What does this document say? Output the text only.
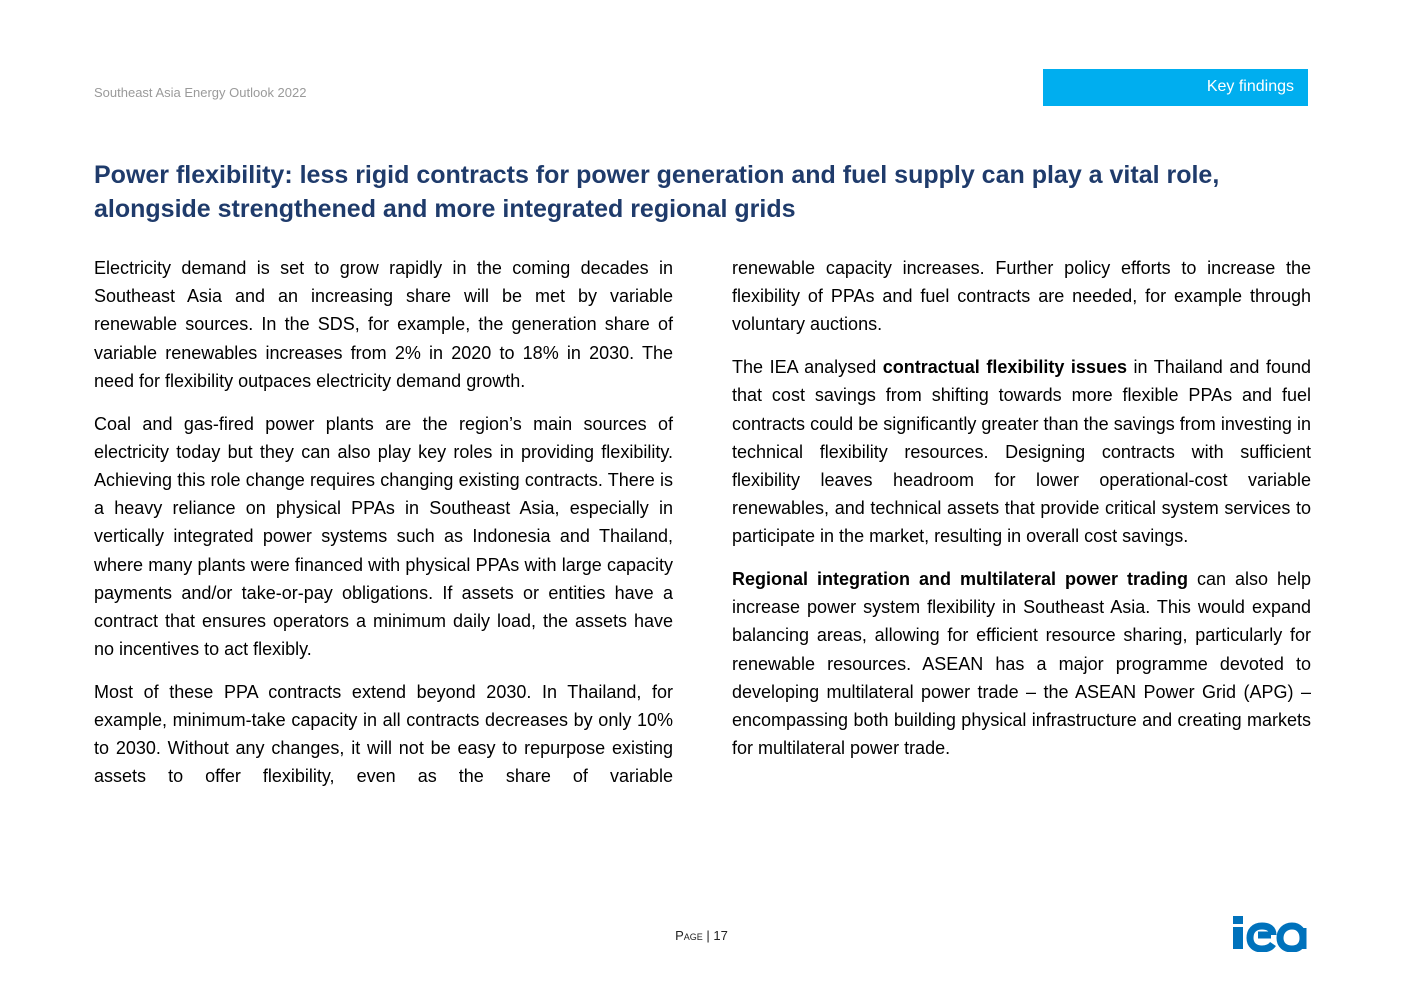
Southeast Asia Energy Outlook 2022	Key findings
Power flexibility: less rigid contracts for power generation and fuel supply can play a vital role, alongside strengthened and more integrated regional grids

Electricity demand is set to grow rapidly in the coming decades in Southeast Asia and an increasing share will be met by variable renewable sources. In the SDS, for example, the generation share of variable renewables increases from 2% in 2020 to 18% in 2030. The need for flexibility outpaces electricity demand growth.

Coal and gas-fired power plants are the region’s main sources of electricity today but they can also play key roles in providing flexibility. Achieving this role change requires changing existing contracts. There is a heavy reliance on physical PPAs in Southeast Asia, especially in vertically integrated power systems such as Indonesia and Thailand, where many plants were financed with physical PPAs with large capacity payments and/or take-or-pay obligations. If assets or entities have a contract that ensures operators a minimum daily load, the assets have no incentives to act flexibly.

Most of these PPA contracts extend beyond 2030. In Thailand, for example, minimum-take capacity in all contracts decreases by only 10% to 2030. Without any changes, it will not be easy to repurpose existing assets to offer flexibility, even as the share of variable

renewable capacity increases. Further policy efforts to increase the flexibility of PPAs and fuel contracts are needed, for example through voluntary auctions.

The IEA analysed contractual flexibility issues in Thailand and found that cost savings from shifting towards more flexible PPAs and fuel contracts could be significantly greater than the savings from investing in technical flexibility resources. Designing contracts with sufficient flexibility leaves headroom for lower operational-cost variable renewables, and technical assets that provide critical system services to participate in the market, resulting in overall cost savings.

Regional integration and multilateral power trading can also help increase power system flexibility in Southeast Asia. This would expand balancing areas, allowing for efficient resource sharing, particularly for renewable resources. ASEAN has a major programme devoted to developing multilateral power trade – the ASEAN Power Grid (APG) – encompassing both building physical infrastructure and creating markets for multilateral power trade.

Page | 17
